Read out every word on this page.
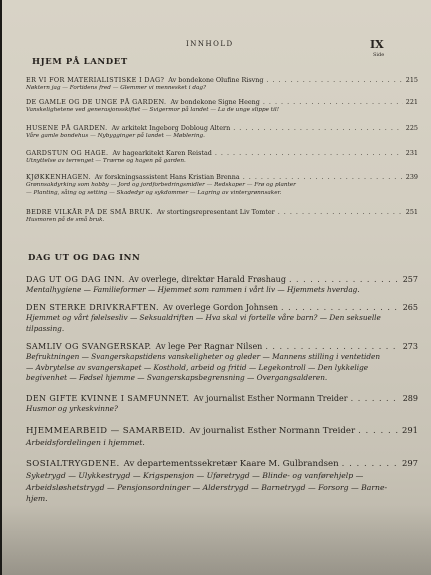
INNHOLD	IX
Side
HJEM PÅ LANDET
ER VI FOR MATERIALISTISKE I DAG? Av bondekone Olufine Risvng . . .	215
Nøktern jag — Fortidens fred — Glemmer vi mennesket i dag?
DE GAMLE OG DE UNGE PÅ GARDEN. Av bondekone Signe Heeng . . .	221
Vanskelighetene ved generasjonsskiftet — Svigermor på landet — La de unge slippe til!
HUSENE PÅ GARDEN. Av arkitekt Ingeborg Dobloug Altern . . .	225
Våre gamle bondehus — Nybygginger på landet — Møblering.
GARDSTUN OG HAGE. Av hagearkitekt Karen Reistad . . .	231
Utnyttelse av terrenget — Trærne og hagen på garden.
KJØKKENHAGEN. Av forskningsassistent Hans Kristian Brenna . . .	239
Grønnsakdyrking som hobby — Jord og jordforbedringsmidler — Redskaper — Frø og planter
— Planting, såing og setting — Skadedyr og sykdommer — Lagring av vintergrønnsaker.
BEDRE VILKÅR PÅ DE SMÅ BRUK. Av stortingsrepresentant Liv Tomter . . .	251
Husmoren på de små bruk.
DAG UT OG DAG INN
DAG UT OG DAG INN. Av overlege, direktør Harald Frøshaug . . .	257
Mentalhygiene — Familieformer — Hjemmet som rammen i vårt liv — Hjemmets hverdag.
DEN STERKE DRIVKRAFTEN. Av overlege Gordon Johnsen . . .	265
Hjemmet og vårt følelsesliv — Seksualdriften — Hva skal vi fortelle våre barn? — Den seksuelle
tilpassing.
SAMLIV OG SVANGERSKAP. Av lege Per Ragnar Nilsen . . .	273
Befruktningen — Svangerskapstidens vanskeligheter og gleder — Mannens stilling i ventetiden
— Avbrytelse av svangerskapet — Kosthold, arbeid og fritid — Legekontroll — Den lykkelige
begivenhet — Fødsel hjemme — Svangerskapsbegrensning — Overgangsalderen.
DEN GIFTE KVINNE I SAMFUNNET. Av journalist Esther Normann Treider . . .	289
Husmor og yrkeskvinne?
HJEMMEARBEID — SAMARBEID. Av journalist Esther Normann Treider . . .	291
Arbeidsfordelingen i hjemmet.
SOSIALTRYGDENE. Av departementssekretær Kaare M. Gulbrandsen . . .	297
Syketrygd — Ulykkestrygd — Krigspensjon — Uføretrygd — Blinde- og vanførehjelp —
Arbeidsløshetstrygd — Pensjonsordninger — Alderstrygd — Barnetrygd — Forsorg — Barne-
hjem.
